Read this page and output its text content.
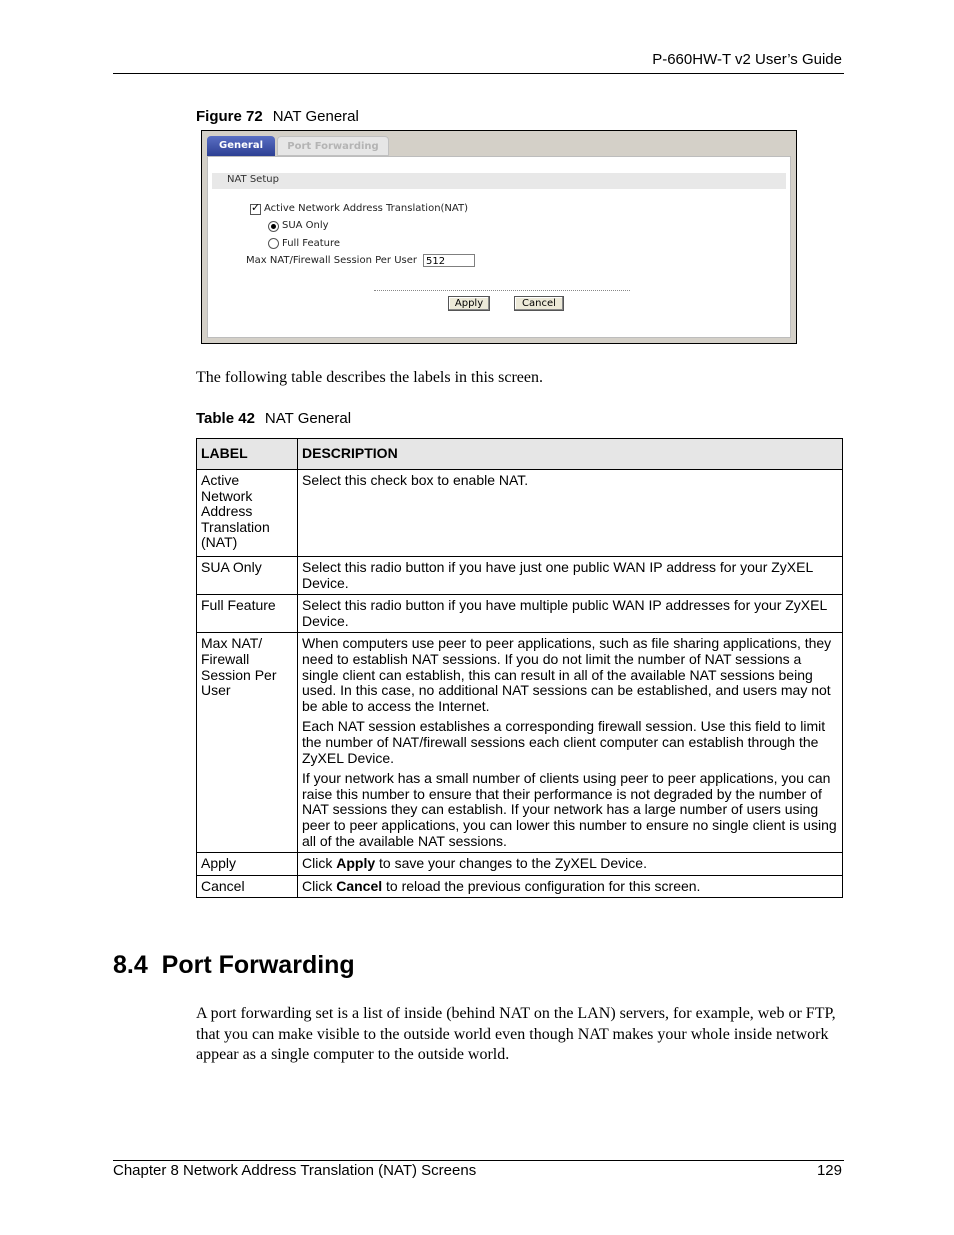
P-660HW-T v2 User’s Guide
Figure 72 NAT General
General	Port Forwarding
NAT Setup
✓ Active Network Address Translation(NAT)
SUA Only
Full Feature
Max NAT/Firewall Session Per User 512
Apply	Cancel
The following table describes the labels in this screen.
Table 42 NAT General
LABEL	DESCRIPTION
Active Network Address Translation (NAT)	Select this check box to enable NAT.

SUA Only	Select this radio button if you have just one public WAN IP address for your ZyXEL Device.

Full Feature	Select this radio button if you have multiple public WAN IP addresses for your ZyXEL Device.

Max NAT/ Firewall Session Per User	When computers use peer to peer applications, such as file sharing applications, they need to establish NAT sessions. If you do not limit the number of NAT sessions a single client can establish, this can result in all of the available NAT sessions being used. In this case, no additional NAT sessions can be established, and users may not be able to access the Internet.

Each NAT session establishes a corresponding firewall session. Use this field to limit the number of NAT/firewall sessions each client computer can establish through the ZyXEL Device.

If your network has a small number of clients using peer to peer applications, you can raise this number to ensure that their performance is not degraded by the number of NAT sessions they can establish. If your network has a large number of users using peer to peer applications, you can lower this number to ensure no single client is using all of the available NAT sessions.

Apply	Click Apply to save your changes to the ZyXEL Device.
Cancel	Click Cancel to reload the previous configuration for this screen.
8.4  Port Forwarding
A port forwarding set is a list of inside (behind NAT on the LAN) servers, for example, web or FTP, that you can make visible to the outside world even though NAT makes your whole inside network appear as a single computer to the outside world.
Chapter 8 Network Address Translation (NAT) Screens	129
